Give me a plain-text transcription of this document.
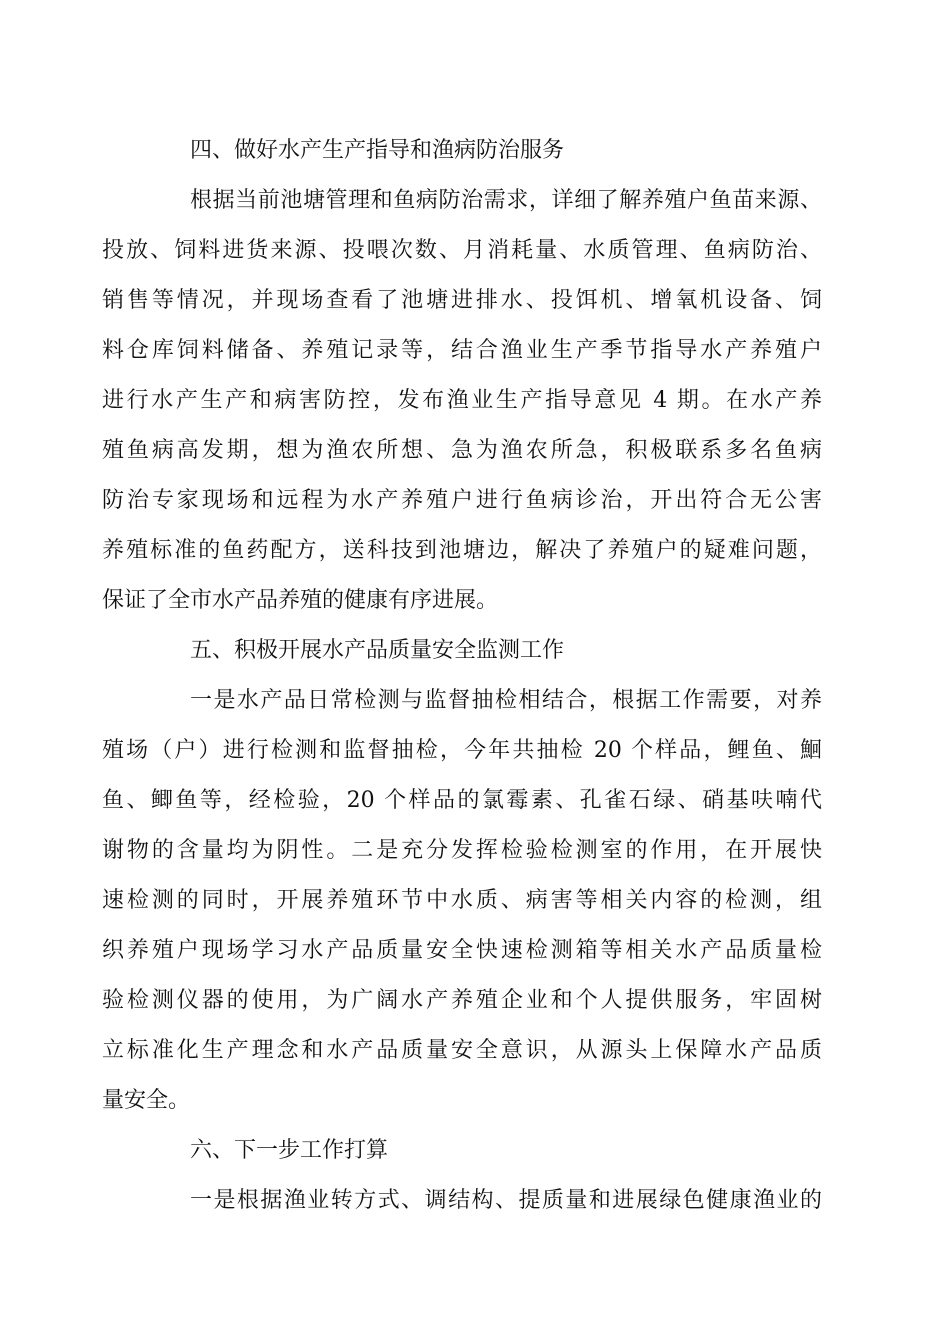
四、做好水产生产指导和渔病防治服务
根据当前池塘管理和鱼病防治需求，详细了解养殖户鱼苗来源、
投放、饲料进货来源、投喂次数、月消耗量、水质管理、鱼病防治、
销售等情况，并现场查看了池塘进排水、投饵机、增氧机设备、饲
料仓库饲料储备、养殖记录等，结合渔业生产季节指导水产养殖户
进行水产生产和病害防控，发布渔业生产指导意见 4 期。在水产养
殖鱼病高发期，想为渔农所想、急为渔农所急，积极联系多名鱼病
防治专家现场和远程为水产养殖户进行鱼病诊治，开出符合无公害
养殖标准的鱼药配方，送科技到池塘边，解决了养殖户的疑难问题，
保证了全市水产品养殖的健康有序进展。
五、积极开展水产品质量安全监测工作
一是水产品日常检测与监督抽检相结合，根据工作需要，对养
殖场（户）进行检测和监督抽检，今年共抽检 20 个样品，鲤鱼、鮰
鱼、鲫鱼等，经检验，20 个样品的氯霉素、孔雀石绿、硝基呋喃代
谢物的含量均为阴性。二是充分发挥检验检测室的作用，在开展快
速检测的同时，开展养殖环节中水质、病害等相关内容的检测，组
织养殖户现场学习水产品质量安全快速检测箱等相关水产品质量检
验检测仪器的使用，为广阔水产养殖企业和个人提供服务，牢固树
立标准化生产理念和水产品质量安全意识，从源头上保障水产品质
量安全。
六、下一步工作打算
一是根据渔业转方式、调结构、提质量和进展绿色健康渔业的
